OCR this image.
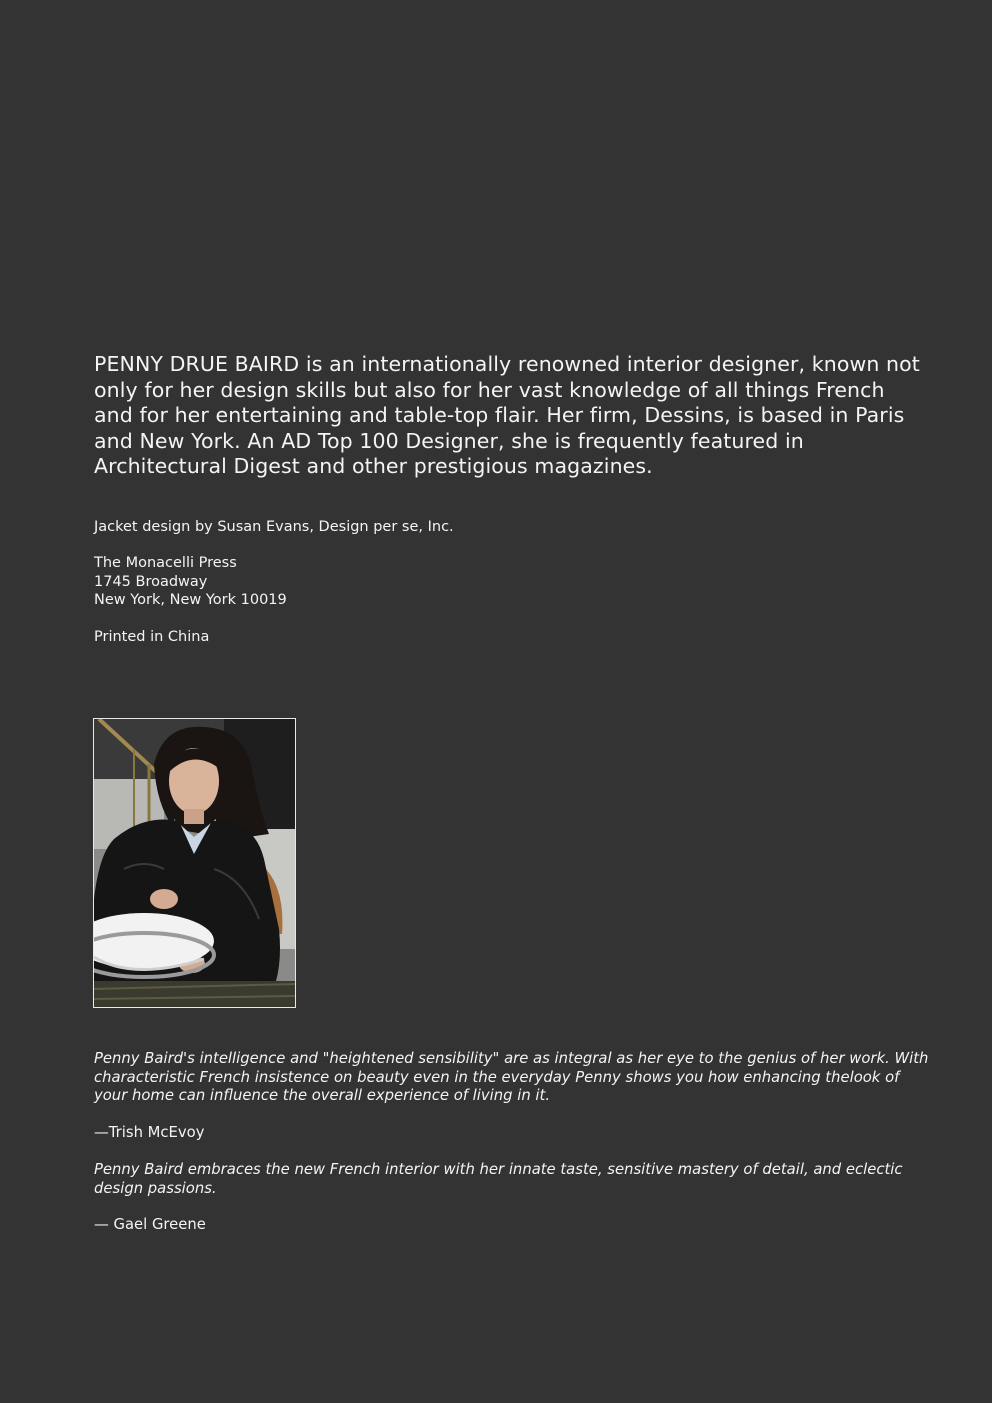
PENNY DRUE BAIRD is an internationally renowned interior designer, known not only for her design skills but also for her vast knowledge of all things French and for her entertaining and table-top flair. Her firm, Dessins, is based in Paris and New York. An AD Top 100 Designer, she is frequently featured in Architectural Digest and other prestigious magazines.

Jacket design by Susan Evans, Design per se, Inc.

The Monacelli Press
1745 Broadway
New York, New York 10019

Printed in China

Penny Baird's intelligence and "heightened sensibility" are as integral as her eye to the genius of her work. With characteristic French insistence on beauty even in the everyday Penny shows you how enhancing thelook of your home can influence the overall experience of living in it.

—Trish McEvoy

Penny Baird embraces the new French interior with her innate taste, sensitive mastery of detail, and eclectic design passions.

— Gael Greene
